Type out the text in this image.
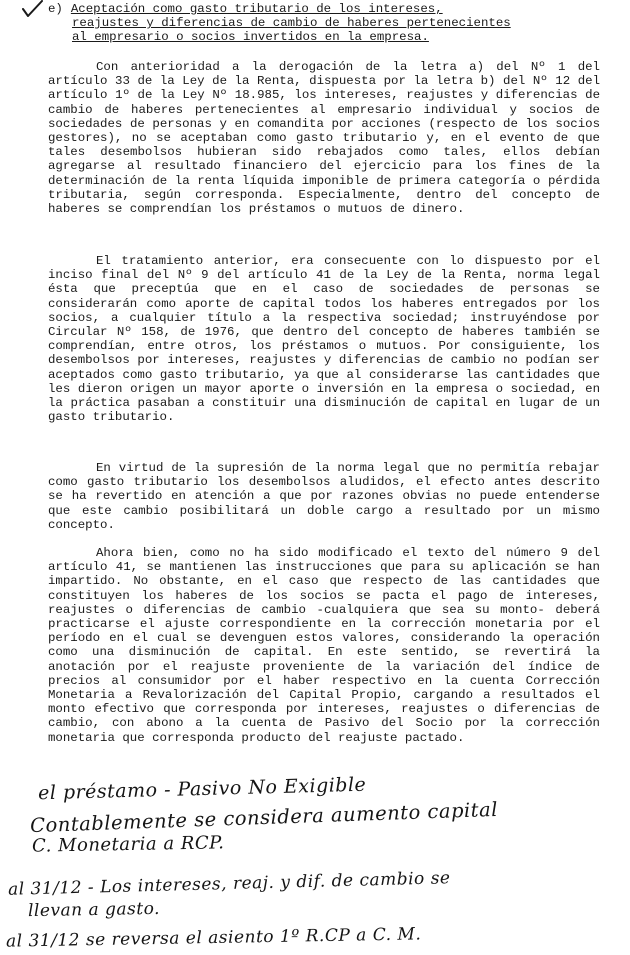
e) Aceptación como gasto tributario de los intereses,
reajustes y diferencias de cambio de haberes pertenecientes
al empresario o socios invertidos en la empresa.

Con anterioridad a la derogación de la letra a) del Nº 1 del artículo 33 de la Ley de la Renta, dispuesta por la letra b) del Nº 12 del artículo 1º de la Ley Nº 18.985, los intereses, reajustes y diferencias de cambio de haberes pertenecientes al empresario individual y socios de sociedades de personas y en comandita por acciones (respecto de los socios gestores), no se aceptaban como gasto tributario y, en el evento de que tales desembolsos hubieran sido rebajados como tales, ellos debían agregarse al resultado financiero del ejercicio para los fines de la determinación de la renta líquida imponible de primera categoría o pérdida tributaria, según corresponda. Especialmente, dentro del concepto de haberes se comprendían los préstamos o mutuos de dinero.

El tratamiento anterior, era consecuente con lo dispuesto por el inciso final del Nº 9 del artículo 41 de la Ley de la Renta, norma legal ésta que preceptúa que en el caso de sociedades de personas se considerarán como aporte de capital todos los haberes entregados por los socios, a cualquier título a la respectiva sociedad; instruyéndose por Circular Nº 158, de 1976, que dentro del concepto de haberes también se comprendían, entre otros, los préstamos o mutuos. Por consiguiente, los desembolsos por intereses, reajustes y diferencias de cambio no podían ser aceptados como gasto tributario, ya que al considerarse las cantidades que les dieron origen un mayor aporte o inversión en la empresa o sociedad, en la práctica pasaban a constituir una disminución de capital en lugar de un gasto tributario.

En virtud de la supresión de la norma legal que no permitía rebajar como gasto tributario los desembolsos aludidos, el efecto antes descrito se ha revertido en atención a que por razones obvias no puede entenderse que este cambio posibilitará un doble cargo a resultado por un mismo concepto.

Ahora bien, como no ha sido modificado el texto del número 9 del artículo 41, se mantienen las instrucciones que para su aplicación se han impartido. No obstante, en el caso que respecto de las cantidades que constituyen los haberes de los socios se pacta el pago de intereses, reajustes o diferencias de cambio -cualquiera que sea su monto- deberá practicarse el ajuste correspondiente en la corrección monetaria por el período en el cual se devenguen estos valores, considerando la operación como una disminución de capital. En este sentido, se revertirá la anotación por el reajuste proveniente de la variación del índice de precios al consumidor por el haber respectivo en la cuenta Corrección Monetaria a Revalorización del Capital Propio, cargando a resultados el monto efectivo que corresponda por intereses, reajustes o diferencias de cambio, con abono a la cuenta de Pasivo del Socio por la corrección monetaria que corresponda producto del reajuste pactado.

el préstamo - Pasivo No Exigible
Contablemente se considera aumento capital
C. Monetaria a RCP.
al 31/12 - Los intereses, reaj. y dif. de cambio se
llevan a gasto.
al 31/12 se reversa el asiento 1º R.CP a C. M.
